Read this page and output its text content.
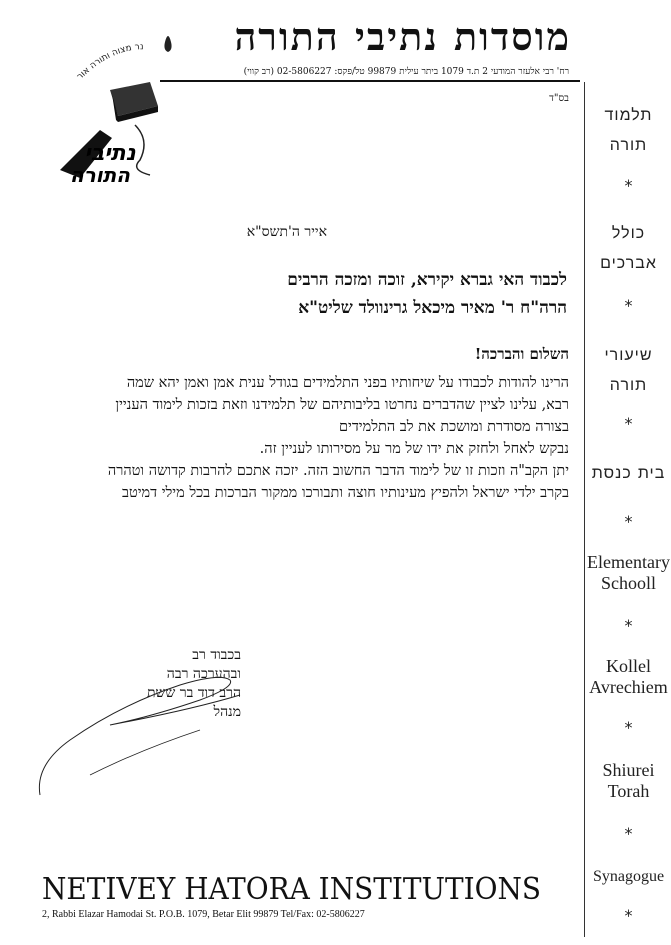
מוסדות נתיבי התורה
רח' רבי אלעזר המודעי 2 ת.ד 1079 ביתר עילית 99879 טל/פקס: 02-5806227 (רב קווי)
בס"ד
נר מצוה ותורה אור
נתיבי
התורה
אייר ה'תשס"א
לכבוד האי גברא יקירא, זוכה ומזכה הרבים
הרה"ח ר' מאיר מיכאל גרינוולד שליט"א
השלום והברכה!

הרינו להודות לכבודו על שיחותיו בפני התלמידים בגודל ענית אמן ואמן יהא שמה רבא, עלינו לציין שהדברים נחרטו בליבותיהם של תלמידנו וזאת בזכות לימוד העניין בצורה מסודרת ומושכת את לב התלמידים

נבקש לאחל ולחזק את ידו של מר על מסירותו לעניין זה.

יתן הקב"ה וזכות זו של לימוד הדבר החשוב הזה. יזכה אתכם להרבות קדושה וטהרה בקרב ילדי ישראל ולהפיץ מעינותיו חוצה ותבורכו ממקור הברכות בכל מילי דמיטב

בכבוד רב
ובהערכה רבה
הרב דוד בר ששת
מנהל
תלמוד
תורה
*
כולל
אברכים
*
שיעורי
תורה
*
בית כנסת
*
Elementary
Schooll
*
Kollel
Avrechiem
*
Shiurei
Torah
*
Synagogue
*
NETIVEY HATORA INSTITUTIONS
2, Rabbi Elazar Hamodai St. P.O.B. 1079, Betar Elit 99879 Tel/Fax: 02-5806227
